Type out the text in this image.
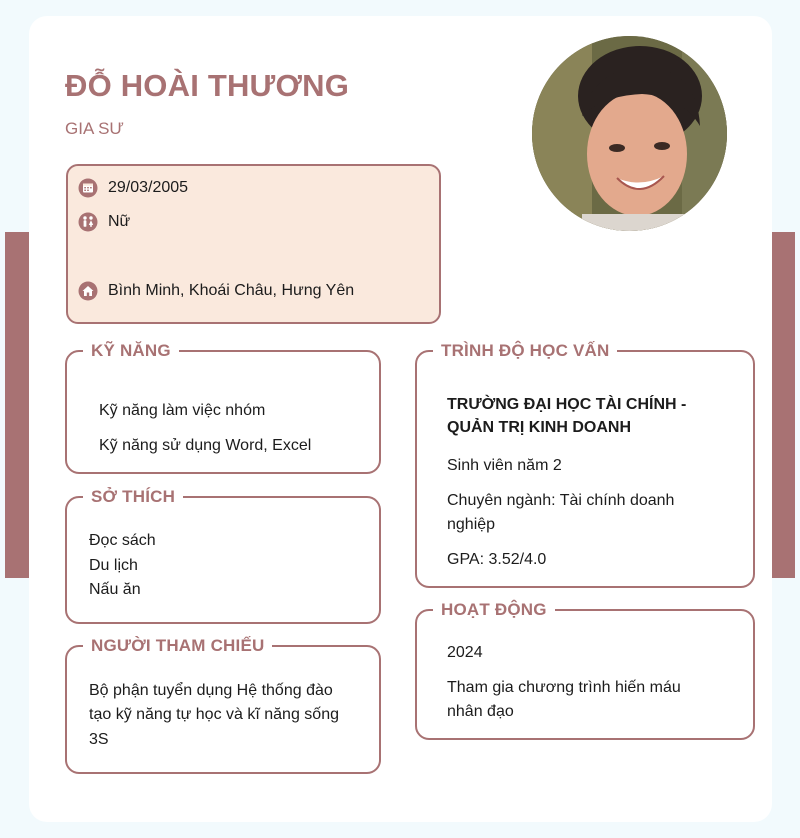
ĐỖ HOÀI THƯƠNG
GIA SƯ
29/03/2005
Nữ
Bình Minh, Khoái Châu, Hưng Yên
KỸ NĂNG
Kỹ năng làm việc nhóm
Kỹ năng sử dụng Word, Excel
SỞ THÍCH
Đọc sách
Du lịch
Nấu ăn
NGƯỜI THAM CHIẾU
Bộ phận tuyển dụng Hệ thống đào
tạo kỹ năng tự học và kĩ năng sống
3S
TRÌNH ĐỘ HỌC VẤN
TRƯỜNG ĐẠI HỌC TÀI CHÍNH -
QUẢN TRỊ KINH DOANH
Sinh viên năm 2
Chuyên ngành: Tài chính doanh
nghiệp
GPA: 3.52/4.0
HOẠT ĐỘNG
2024
Tham gia chương trình hiến máu
nhân đạo
